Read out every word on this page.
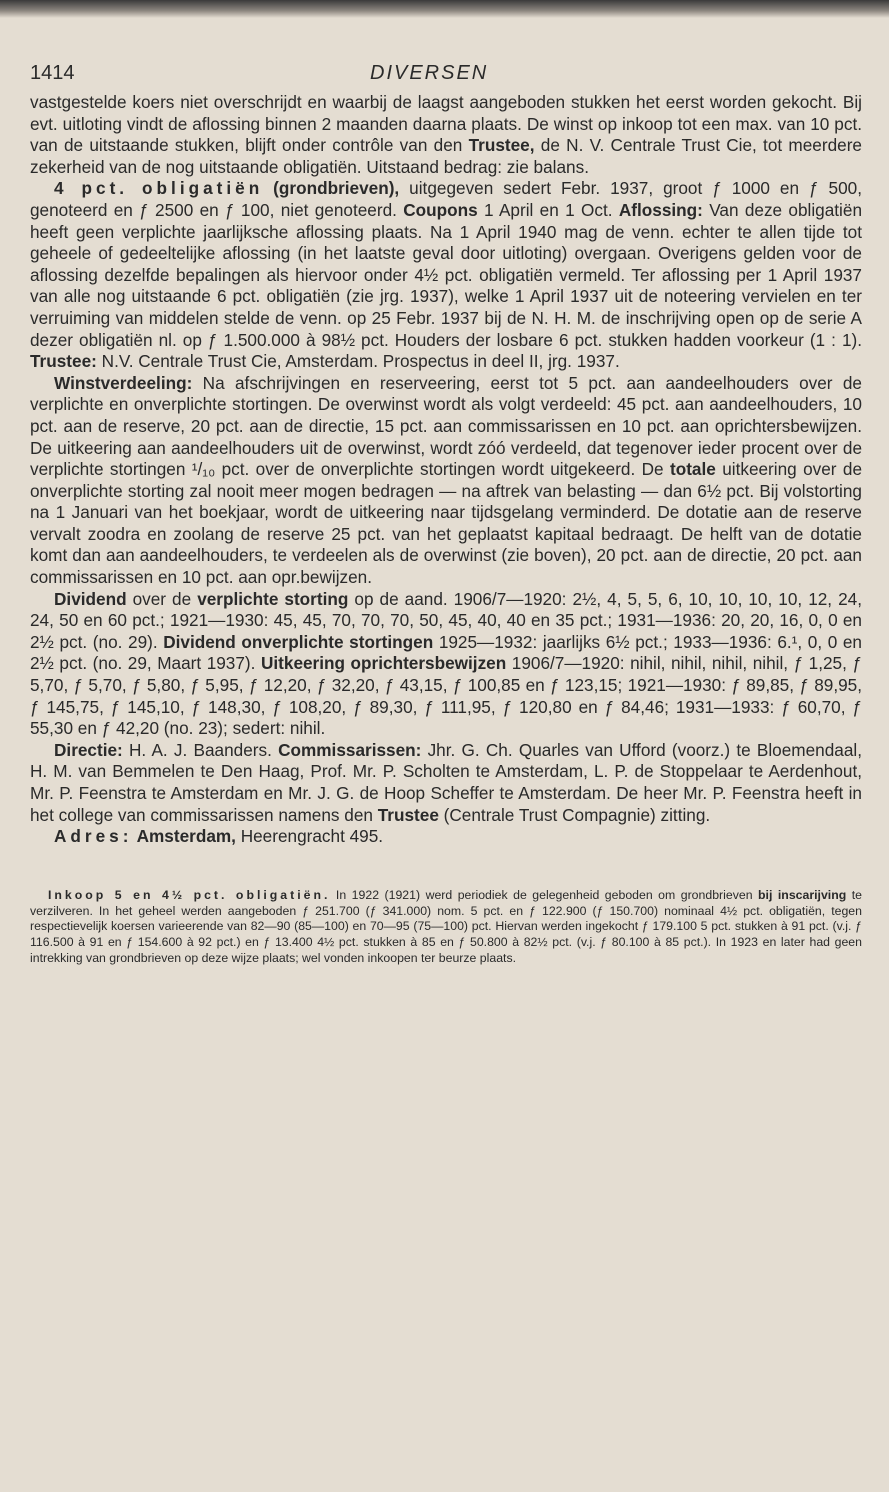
1414	DIVERSEN

vastgestelde koers niet overschrijdt en waarbij de laagst aangeboden stukken het eerst worden gekocht. Bij evt. uitloting vindt de aflossing binnen 2 maanden daarna plaats. De winst op inkoop tot een max. van 10 pct. van de uitstaande stukken, blijft onder contrôle van den Trustee, de N. V. Centrale Trust Cie, tot meerdere zekerheid van de nog uitstaande obligatiën. Uitstaand bedrag: zie balans.

4 pct. obligatiën (grondbrieven), uitgegeven sedert Febr. 1937, groot ƒ 1000 en ƒ 500, genoteerd en ƒ 2500 en ƒ 100, niet genoteerd. Coupons 1 April en 1 Oct. Aflossing: Van deze obligatiën heeft geen verplichte jaarlijksche aflossing plaats. Na 1 April 1940 mag de venn. echter te allen tijde tot geheele of gedeeltelijke aflossing (in het laatste geval door uitloting) overgaan. Overigens gelden voor de aflossing dezelfde bepalingen als hiervoor onder 4½ pct. obligatiën vermeld. Ter aflossing per 1 April 1937 van alle nog uitstaande 6 pct. obligatiën (zie jrg. 1937), welke 1 April 1937 uit de noteering vervielen en ter verruiming van middelen stelde de venn. op 25 Febr. 1937 bij de N. H. M. de inschrijving open op de serie A dezer obligatiën nl. op ƒ 1.500.000 à 98½ pct. Houders der losbare 6 pct. stukken hadden voorkeur (1 : 1). Trustee: N.V. Centrale Trust Cie, Amsterdam. Prospectus in deel II, jrg. 1937.

Winstverdeeling: Na afschrijvingen en reserveering, eerst tot 5 pct. aan aandeelhouders over de verplichte en onverplichte stortingen. De overwinst wordt als volgt verdeeld: 45 pct. aan aandeelhouders, 10 pct. aan de reserve, 20 pct. aan de directie, 15 pct. aan commissarissen en 10 pct. aan oprichtersbewijzen. De uitkeering aan aandeelhouders uit de overwinst, wordt zóó verdeeld, dat tegenover ieder procent over de verplichte stortingen ¹/₁₀ pct. over de onverplichte stortingen wordt uitgekeerd. De totale uitkeering over de onverplichte storting zal nooit meer mogen bedragen — na aftrek van belasting — dan 6½ pct. Bij volstorting na 1 Januari van het boekjaar, wordt de uitkeering naar tijdsgelang verminderd. De dotatie aan de reserve vervalt zoodra en zoolang de reserve 25 pct. van het geplaatst kapitaal bedraagt. De helft van de dotatie komt dan aan aandeelhouders, te verdeelen als de overwinst (zie boven), 20 pct. aan de directie, 20 pct. aan commissarissen en 10 pct. aan opr.bewijzen.

Dividend over de verplichte storting op de aand. 1906/7—1920: 2½, 4, 5, 5, 6, 10, 10, 10, 10, 12, 24, 24, 50 en 60 pct.; 1921—1930: 45, 45, 70, 70, 70, 50, 45, 40, 40 en 35 pct.; 1931—1936: 20, 20, 16, 0, 0 en 2½ pct. (no. 29). Dividend onverplichte stortingen 1925—1932: jaarlijks 6½ pct.; 1933—1936: 6.¹, 0, 0 en 2½ pct. (no. 29, Maart 1937). Uitkeering oprichtersbewijzen 1906/7—1920: nihil, nihil, nihil, nihil, ƒ 1,25, ƒ 5,70, ƒ 5,70, ƒ 5,80, ƒ 5,95, ƒ 12,20, ƒ 32,20, ƒ 43,15, ƒ 100,85 en ƒ 123,15; 1921—1930: ƒ 89,85, ƒ 89,95, ƒ 145,75, ƒ 145,10, ƒ 148,30, ƒ 108,20, ƒ 89,30, ƒ 111,95, ƒ 120,80 en ƒ 84,46; 1931—1933: ƒ 60,70, ƒ 55,30 en ƒ 42,20 (no. 23); sedert: nihil.

Directie: H. A. J. Baanders. Commissarissen: Jhr. G. Ch. Quarles van Ufford (voorz.) te Bloemendaal, H. M. van Bemmelen te Den Haag, Prof. Mr. P. Scholten te Amsterdam, L. P. de Stoppelaar te Aerdenhout, Mr. P. Feenstra te Amsterdam en Mr. J. G. de Hoop Scheffer te Amsterdam. De heer Mr. P. Feenstra heeft in het college van commissarissen namens den Trustee (Centrale Trust Compagnie) zitting.

Adres: Amsterdam, Heerengracht 495.

Inkoop 5 en 4½ pct. obligatiën. In 1922 (1921) werd periodiek de gelegenheid geboden om grondbrieven bij inscarijving te verzilveren. In het geheel werden aangeboden ƒ 251.700 (ƒ 341.000) nom. 5 pct. en ƒ 122.900 (ƒ 150.700) nominaal 4½ pct. obligatiën, tegen respectievelijk koersen varieerende van 82—90 (85—100) en 70—95 (75—100) pct. Hiervan werden ingekocht ƒ 179.100 5 pct. stukken à 91 pct. (v.j. ƒ 116.500 à 91 en ƒ 154.600 à 92 pct.) en ƒ 13.400 4½ pct. stukken à 85 en ƒ 50.800 à 82½ pct. (v.j. ƒ 80.100 à 85 pct.). In 1923 en later had geen intrekking van grondbrieven op deze wijze plaats; wel vonden inkoopen ter beurze plaats.
